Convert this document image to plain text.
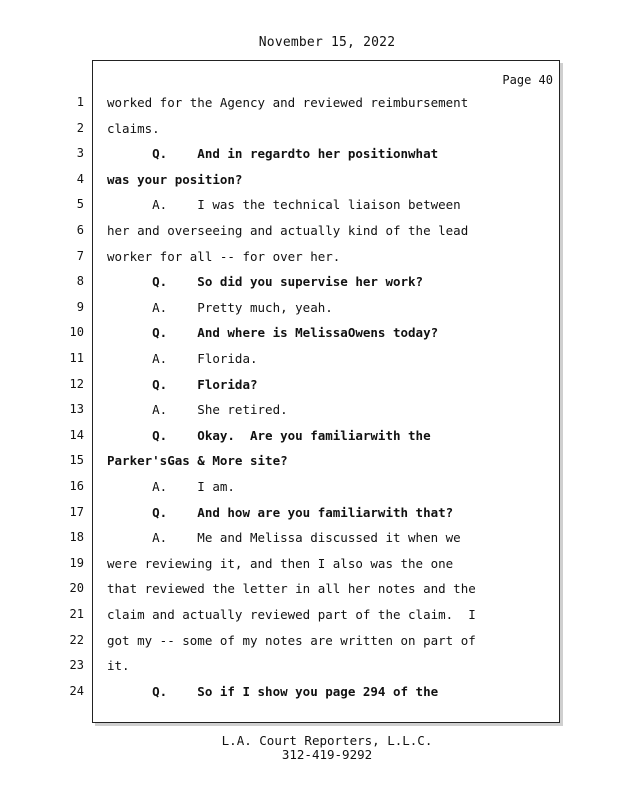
November 15, 2022
Page 40
1 worked for the Agency and reviewed reimbursement
2 claims.
3 Q.    And in regardto her positionwhat
4 was your position?
5 A.    I was the technical liaison between
6 her and overseeing and actually kind of the lead
7 worker for all -- for over her.
8 Q.    So did you supervise her work?
9 A.    Pretty much, yeah.
10 Q.    And where is MelissaOwens today?
11 A.    Florida.
12 Q.    Florida?
13 A.    She retired.
14 Q.    Okay.  Are you familiarwith the
15 Parker'sGas & More site?
16 A.    I am.
17 Q.    And how are you familiarwith that?
18 A.    Me and Melissa discussed it when we
19 were reviewing it, and then I also was the one
20 that reviewed the letter in all her notes and the
21 claim and actually reviewed part of the claim.  I
22 got my -- some of my notes are written on part of
23 it.
24 Q.    So if I show you page 294 of the
L.A. Court Reporters, L.L.C.
312-419-9292
